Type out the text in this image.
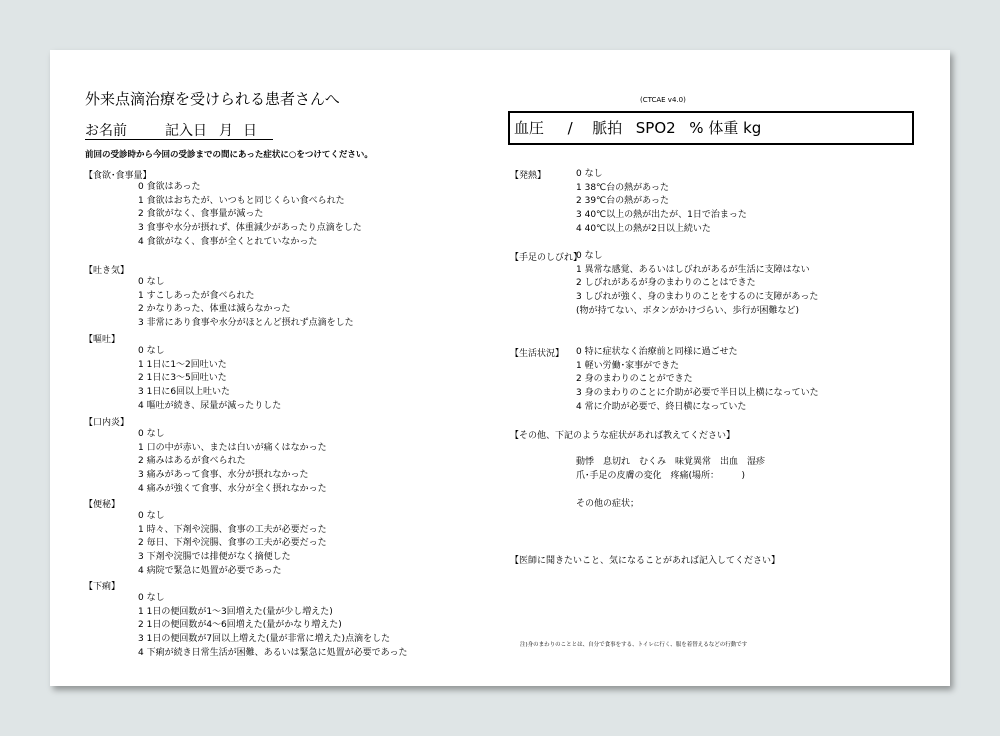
外来点滴治療を受けられる患者さんへ
お名前	記入日 月 日
前回の受診時から今回の受診までの間にあった症状に○をつけてください。
(CTCAE v4.0)
血圧 / 脈拍 SPO2 % 体重 kg
【食欲･食事量】
0 食欲はあった
1 食欲はおちたが、いつもと同じくらい食べられた
2 食欲がなく、食事量が減った
3 食事や水分が摂れず、体重減少があったり点滴をした
4 食欲がなく、食事が全くとれていなかった
【吐き気】
0 なし
1 すこしあったが食べられた
2 かなりあった、体重は減らなかった
3 非常にあり食事や水分がほとんど摂れず点滴をした
【嘔吐】
0 なし
1 1日に1～2回吐いた
2 1日に3～5回吐いた
3 1日に6回以上吐いた
4 嘔吐が続き、尿量が減ったりした
【口内炎】
0 なし
1 口の中が赤い、または白いが痛くはなかった
2 痛みはあるが食べられた
3 痛みがあって食事、水分が摂れなかった
4 痛みが強くて食事、水分が全く摂れなかった
【便秘】
0 なし
1 時々、下剤や浣腸、食事の工夫が必要だった
2 毎日、下剤や浣腸、食事の工夫が必要だった
3 下剤や浣腸では排便がなく摘便した
4 病院で緊急に処置が必要であった
【下痢】
0 なし
1 1日の便回数が1～3回増えた(量が少し増えた)
2 1日の便回数が4～6回増えた(量がかなり増えた)
3 1日の便回数が7回以上増えた(量が非常に増えた)点滴をした
4 下痢が続き日常生活が困難、あるいは緊急に処置が必要であった
【発熱】	0 なし
1 38℃台の熱があった
2 39℃台の熱があった
3 40℃以上の熱が出たが、1日で治まった
4 40℃以上の熱が2日以上続いた
【手足のしびれ】
0 なし
1 異常な感覚、あるいはしびれがあるが生活に支障はない
2 しびれがあるが身のまわりのことはできた
3 しびれが強く、身のまわりのことをするのに支障があった
(物が持てない、ボタンがかけづらい、歩行が困難など)
【生活状況】 0 特に症状なく治療前と同様に過ごせた
1 軽い労働･家事ができた
2 身のまわりのことができた
3 身のまわりのことに介助が必要で半日以上横になっていた
4 常に介助が必要で、終日横になっていた
【その他、下記のような症状があれば教えてください】
動悸　息切れ　むくみ　味覚異常　出血　湿疹
爪･手足の皮膚の変化　疼痛(場所：　　　)
その他の症状；
【医師に聞きたいこと、気になることがあれば記入してください】
注)身のまわりのこととは、自分で食事をする、トイレに行く、服を着替えるなどの行動です
